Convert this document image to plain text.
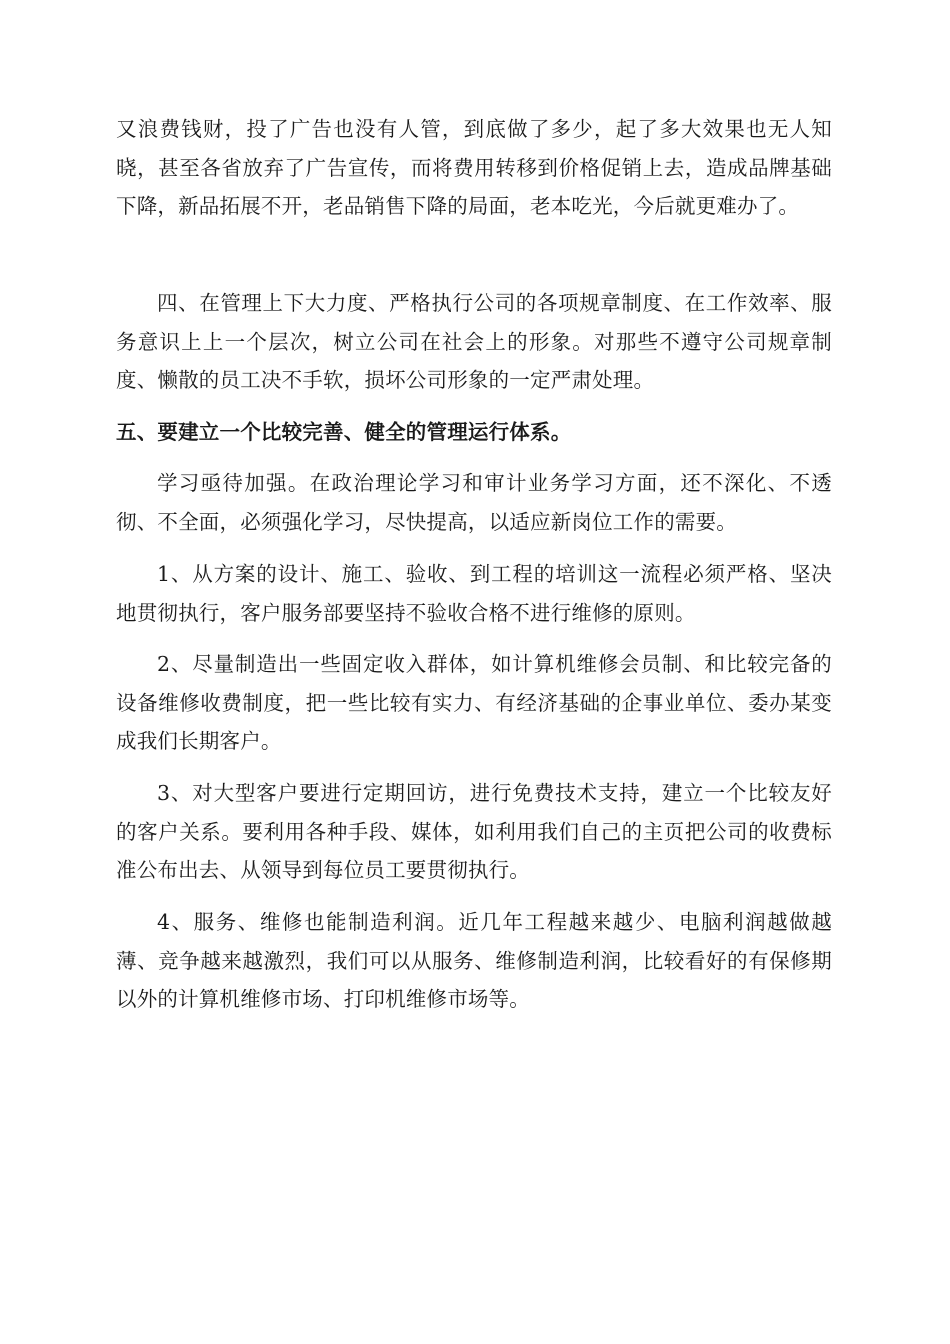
又浪费钱财，投了广告也没有人管，到底做了多少，起了多大效果也无人知晓，甚至各省放弃了广告宣传，而将费用转移到价格促销上去，造成品牌基础下降，新品拓展不开，老品销售下降的局面，老本吃光，今后就更难办了。

四、在管理上下大力度、严格执行公司的各项规章制度、在工作效率、服务意识上上一个层次，树立公司在社会上的形象。对那些不遵守公司规章制度、懒散的员工决不手软，损坏公司形象的一定严肃处理。

五、要建立一个比较完善、健全的管理运行体系。

学习亟待加强。在政治理论学习和审计业务学习方面，还不深化、不透彻、不全面，必须强化学习，尽快提高，以适应新岗位工作的需要。

1、从方案的设计、施工、验收、到工程的培训这一流程必须严格、坚决地贯彻执行，客户服务部要坚持不验收合格不进行维修的原则。

2、尽量制造出一些固定收入群体，如计算机维修会员制、和比较完备的设备维修收费制度，把一些比较有实力、有经济基础的企事业单位、委办某变成我们长期客户。

3、对大型客户要进行定期回访，进行免费技术支持，建立一个比较友好的客户关系。要利用各种手段、媒体，如利用我们自己的主页把公司的收费标准公布出去、从领导到每位员工要贯彻执行。

4、服务、维修也能制造利润。近几年工程越来越少、电脑利润越做越薄、竞争越来越激烈，我们可以从服务、维修制造利润，比较看好的有保修期以外的计算机维修市场、打印机维修市场等。
